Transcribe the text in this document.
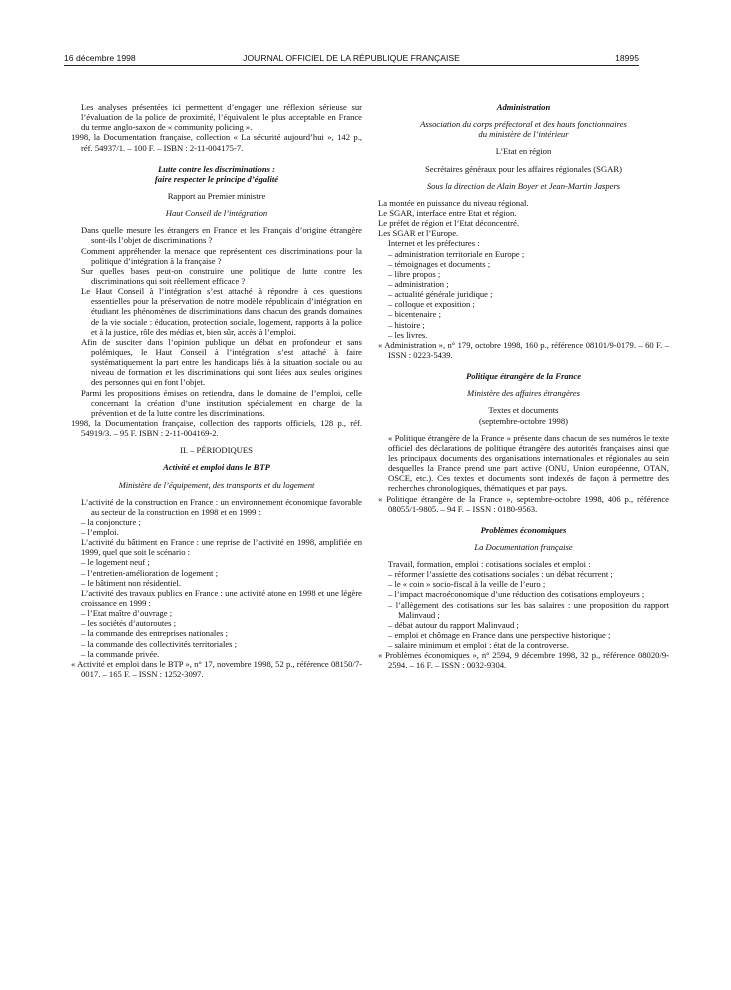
16 décembre 1998	JOURNAL OFFICIEL DE LA RÉPUBLIQUE FRANÇAISE	18995

Les analyses présentées ici permettent d’engager une réflexion sérieuse sur l’évaluation de la police de proximité, l’équivalent le plus acceptable en France du terme anglo-saxon de « community policing ».

1998, la Documentation française, collection « La sécurité aujourd’hui », 142 p., réf. 54937/1. – 100 F. – ISBN : 2-11-004175-7.

Lutte contre les discriminations :

faire respecter le principe d’égalité

Rapport au Premier ministre

Haut Conseil de l’intégration

Dans quelle mesure les étrangers en France et les Français d’origine étrangère sont-ils l’objet de discriminations ?

Comment appréhender la menace que représentent ces discriminations pour la politique d’intégration à la française ?

Sur quelles bases peut-on construire une politique de lutte contre les discriminations qui soit réellement efficace ?

Le Haut Conseil à l’intégration s’est attaché à répondre à ces questions essentielles pour la préservation de notre modèle républicain d’intégration en étudiant les phénomènes de discriminations dans chacun des grands domaines de la vie sociale : éducation, protection sociale, logement, rapports à la police et à la justice, rôle des médias et, bien sûr, accès à l’emploi.

Afin de susciter dans l’opinion publique un débat en profondeur et sans polémiques, le Haut Conseil à l’intégration s’est attaché à faire systématiquement la part entre les handicaps liés à la situation sociale ou au niveau de formation et les discriminations qui sont liées aux seules origines des personnes qui en font l’objet.

Parmi les propositions émises on retiendra, dans le domaine de l’emploi, celle concernant la création d’une institution spécialement en charge de la prévention et de la lutte contre les discriminations.

1998, la Documentation française, collection des rapports officiels, 128 p., réf. 54919/3. – 95 F. ISBN : 2-11-004169-2.

II. – PÉRIODIQUES

Activité et emploi dans le BTP

Ministère de l’équipement, des transports et du logement

L’activité de la construction en France : un environnement économique favorable au secteur de la construction en 1998 et en 1999 :

– la conjoncture ;

– l’emploi.

L’activité du bâtiment en France : une reprise de l’activité en 1998, amplifiée en 1999, quel que soit le scénario :

– le logement neuf ;

– l’entretien-amélioration de logement ;

– le bâtiment non résidentiel.

L’activité des travaux publics en France : une activité atone en 1998 et une légère croissance en 1999 :

– l’Etat maître d’ouvrage ;

– les sociétés d’autoroutes ;

– la commande des entreprises nationales ;

– la commande des collectivités territoriales ;

– la commande privée.

« Activité et emploi dans le BTP », n° 17, novembre 1998, 52 p., référence 08150/7-0017. – 165 F. – ISSN : 1252-3097.

Administration

Association du corps préfectoral et des hauts fonctionnaires

du ministère de l’intérieur

L’Etat en région

Secrétaires généraux pour les affaires régionales (SGAR)

Sous la direction de Alain Boyer et Jean-Martin Jaspers

La montée en puissance du niveau régional.

Le SGAR, interface entre Etat et région.

Le préfet de région et l’Etat déconcentré.

Les SGAR et l’Europe.

Internet et les préfectures :

– administration territoriale en Europe ;

– témoignages et documents ;

– libre propos ;

– administration ;

– actualité générale juridique ;

– colloque et exposition ;

– bicentenaire ;

– histoire ;

– les livres.

« Administration », n° 179, octobre 1998, 160 p., référence 08101/9-0179. – 60 F. – ISSN : 0223-5439.

Politique étrangère de la France

Ministère des affaires étrangères

Textes et documents

(septembre-octobre 1998)

« Politique étrangère de la France » présente dans chacun de ses numéros le texte officiel des déclarations de politique étrangère des autorités françaises ainsi que les principaux documents des organisations internationales et régionales au sein desquelles la France prend une part active (ONU, Union européenne, OTAN, OSCE, etc.). Ces textes et documents sont indexés de façon à permettre des recherches chronologiques, thématiques et par pays.

« Politique étrangère de la France », septembre-octobre 1998, 406 p., référence 08055/1-9805. – 94 F. – ISSN : 0180-9563.

Problèmes économiques

La Documentation française

Travail, formation, emploi : cotisations sociales et emploi :

– réformer l’assiette des cotisations sociales : un débat récurrent ;

– le « coin » socio-fiscal à la veille de l’euro ;

– l’impact macroéconomique d’une réduction des cotisations employeurs ;

– l’allègement des cotisations sur les bas salaires : une proposition du rapport Malinvaud ;

– débat autour du rapport Malinvaud ;

– emploi et chômage en France dans une perspective historique ;

– salaire minimum et emploi : état de la controverse.

« Problèmes économiques », n° 2594, 9 décembre 1998, 32 p., référence 08020/9-2594. – 16 F. – ISSN : 0032-9304.
